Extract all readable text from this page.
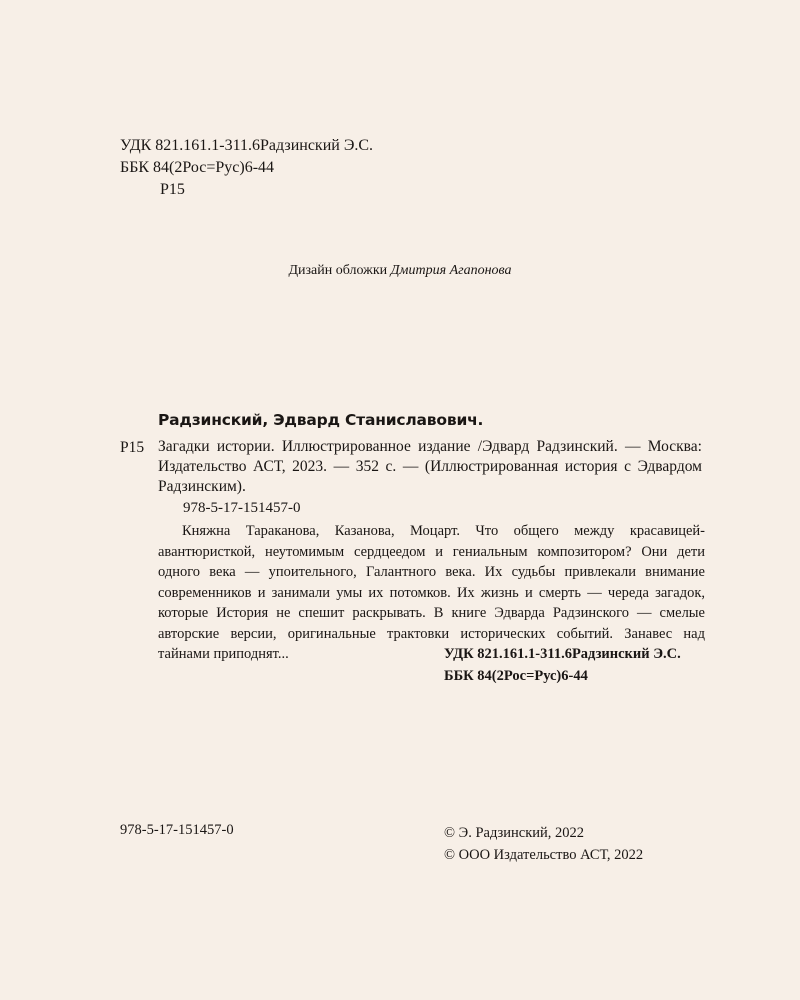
УДК 821.161.1-311.6Радзинский Э.С.
ББК 84(2Рос=Рус)6-44
Р15
Дизайн обложки Дмитрия Агапонова
Радзинский, Эдвард Станиславович.
Р15 Загадки истории. Иллюстрированное издание /Эдвард Радзинский. — Москва: Издательство АСТ, 2023. — 352 с. — (Иллюстрированная история с Эдвардом Радзинским).
978-5-17-151457-0
Княжна Тараканова, Казанова, Моцарт. Что общего между красавицей-авантюристкой, неутомимым сердцеедом и гениальным композитором? Они дети одного века — упоительного, Галантного века. Их судьбы привлекали внимание современников и занимали умы их потомков. Их жизнь и смерть — череда загадок, которые История не спешит раскрывать. В книге Эдварда Радзинского — смелые авторские версии, оригинальные трактовки исторических событий. Занавес над тайнами приподнят...	УДК 821.161.1-311.6Радзинский Э.С.
ББК 84(2Рос=Рус)6-44
978-5-17-151457-0	© Э. Радзинский, 2022
© ООО Издательство АСТ, 2022
